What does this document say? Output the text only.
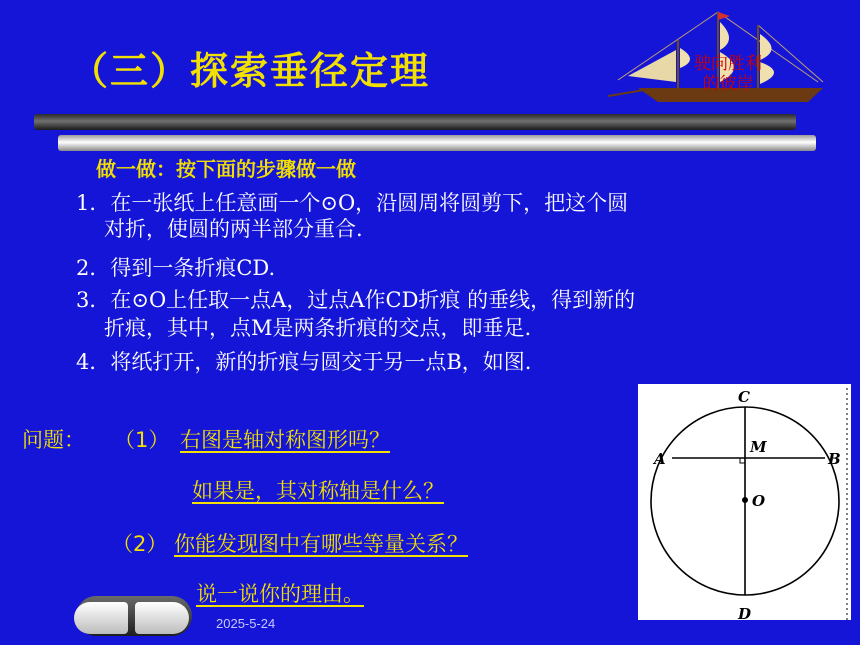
（三）探索垂径定理	驶向胜利
的彼岸
做一做：按下面的步骤做一做
1．在一张纸上任意画一个⊙O，沿圆周将圆剪下，把这个圆
对折，使圆的两半部分重合.
2．得到一条折痕CD.
3．在⊙O上任取一点A，过点A作CD折痕 的垂线，得到新的
折痕，其中，点M是两条折痕的交点，即垂足.
4．将纸打开，新的折痕与圆交于另一点B，如图.
问题： （1） 右图是轴对称图形吗？
如果是，其对称轴是什么？
（2） 你能发现图中有哪些等量关系？
说一说你的理由。
C
D
A	B
M
O
2025-5-24
